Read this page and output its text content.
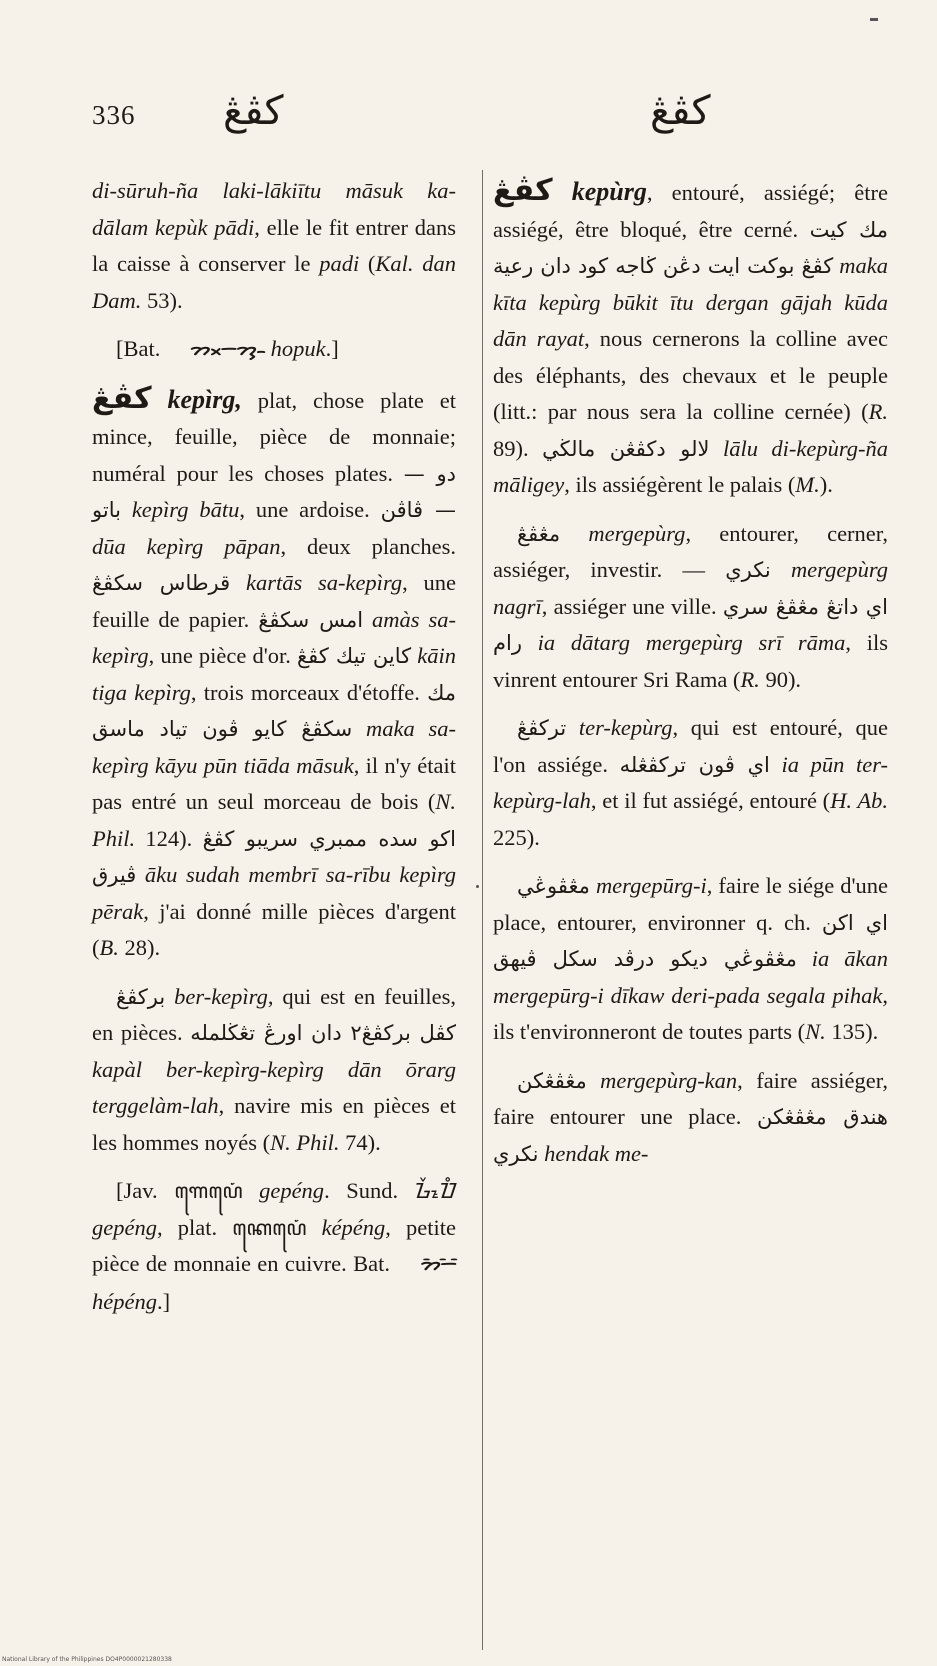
336 كڤڠ	كڤڠ

di-sūruh-ña laki-lākiītu māsuk ka-dālam kepùk pādi, elle le fit entrer dans la caisse à conserver le padi (Kal. dan Dam. 53).

[Bat. ᯂᯬᯇᯮᯂ᯳ hopuk.]

كڤڠ kepìrg, plat, chose plate et mince, feuille, pièce de monnaie; numéral pour les choses plates. دو — باتو kepìrg bātu, une ardoise. — ڤاڤن dūa kepìrg pāpan, deux planches. قرطاس سكڤڠ kartās sa-kepìrg, une feuille de papier. امس سكڤڠ amàs sa-kepìrg, une pièce d'or. كاين تيك كڤڠ kāin tiga kepìrg, trois morceaux d'étoffe. مك سكڤڠ كايو ڤون تياد ماسق maka sa-kepìrg kāyu pūn tiāda māsuk, il n'y était pas entré un seul morceau de bois (N. Phil. 124). اكو سده ممبري سريبو كڤڠ ڤيرق āku sudah membrī sa-rību kepìrg pērak, j'ai donné mille pièces d'argent (B. 28).

بركڤڠ ber-kepìrg, qui est en feuilles, en pièces. كڤل بركڤڠ٢ دان اورڠ تڠڬلمله kapàl ber-kepìrg-kepìrg dān ōrarg terggelàm-lah, navire mis en pièces et les hommes noyés (N. Phil. 74).

[Jav. ꦒꦺꦥꦺꦁ gepéng. Sund. ᮌᮨᮕᮦᮀ gepéng, plat. ꦏꦺꦥꦺꦁ képéng, petite pièce de monnaie en cuivre. Bat. ᯂᯩᯇᯩᯰ hépéng.]

كڤڠ kepùrg, entouré, assiégé; être assiégé, être bloqué, être cerné. مك كيت كڤڠ بوكت ايت دڠن ڬاجه كود دان رعية maka kīta kepùrg būkit ītu dergan gājah kūda dān rayat, nous cernerons la colline avec des éléphants, des chevaux et le peuple (litt.: par nous sera la colline cernée) (R. 89). لالو دكڤڠن مالڬي lālu di-kepùrg-ña māligey, ils assiégèrent le palais (M.).

مڠڤڠ mergepùrg, entourer, cerner, assiéger, investir. — نكري mergepùrg nagrī, assiéger une ville. اي داتڠ مڠڤڠ سري رام ia dātarg mergepùrg srī rāma, ils vinrent entourer Sri Rama (R. 90).

تركڤڠ ter-kepùrg, qui est entouré, que l'on assiége. اي ڤون تركڤڠله ia pūn ter-kepùrg-lah, et il fut assiégé, entouré (H. Ab. 225).

مڠڤوڠي mergepūrg-i, faire le siége d'une place, entourer, environner q. ch. اي اكن مڠڤوڠي ديكو درڤد سكل ڤيهق ia ākan mergepūrg-i dīkaw deri-pada segala pihak, ils t'environneront de toutes parts (N. 135).

مڠڤڠكن mergepùrg-kan, faire assiéger, faire entourer une place. هندق مڠڤڠكن نكري hendak me-

National Library of the Philippines DO4P0000021280338
